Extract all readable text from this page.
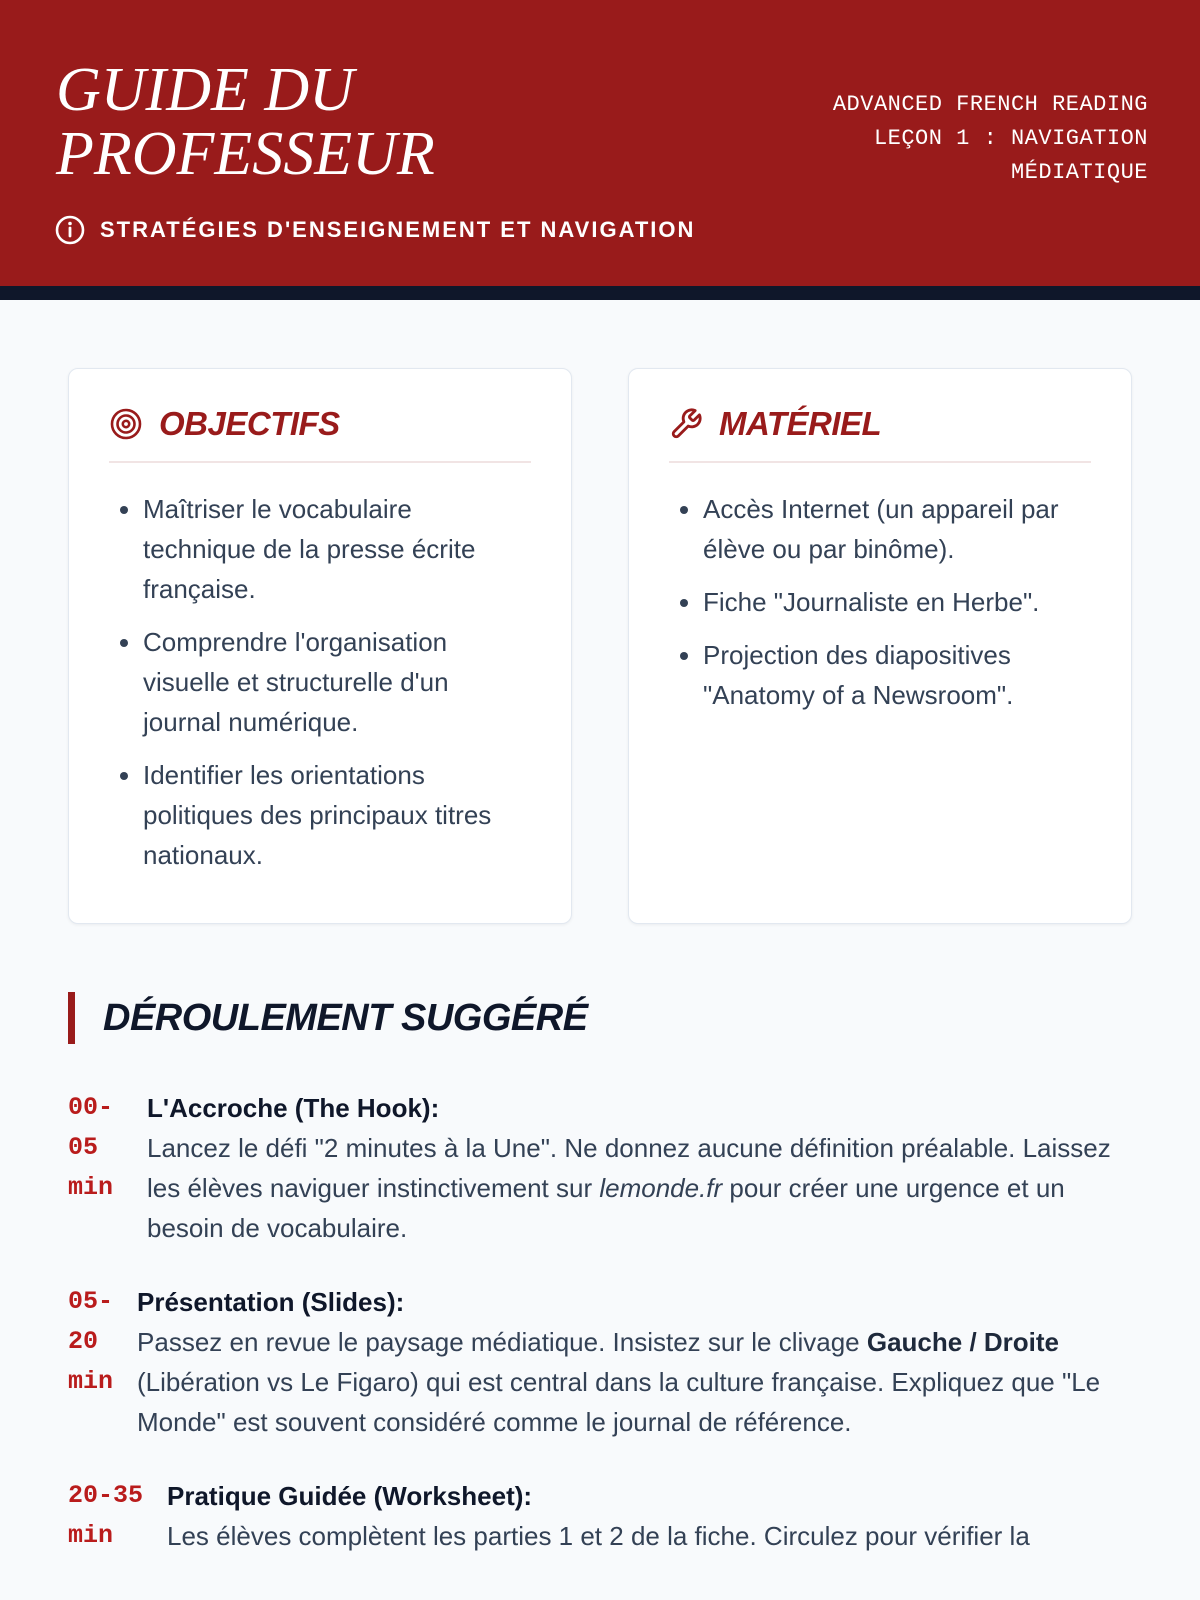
GUIDE DU PROFESSEUR
STRATÉGIES D'ENSEIGNEMENT ET NAVIGATION
ADVANCED FRENCH READING
LEÇON 1 : NAVIGATION MÉDIATIQUE
OBJECTIFS
• Maîtriser le vocabulaire technique de la presse écrite française.
• Comprendre l'organisation visuelle et structurelle d'un journal numérique.
• Identifier les orientations politiques des principaux titres nationaux.
MATÉRIEL
• Accès Internet (un appareil par élève ou par binôme).
• Fiche "Journaliste en Herbe".
• Projection des diapositives "Anatomy of a Newsroom".
DÉROULEMENT SUGGÉRÉ
00-
05
min
L'Accroche (The Hook):
Lancez le défi "2 minutes à la Une". Ne donnez aucune définition préalable. Laissez les élèves naviguer instinctivement sur lemonde.fr pour créer une urgence et un besoin de vocabulaire.
05-
20
min
Présentation (Slides):
Passez en revue le paysage médiatique. Insistez sur le clivage Gauche / Droite (Libération vs Le Figaro) qui est central dans la culture française. Expliquez que "Le Monde" est souvent considéré comme le journal de référence.
20-35
min
Pratique Guidée (Worksheet):
Les élèves complètent les parties 1 et 2 de la fiche. Circulez pour vérifier la
